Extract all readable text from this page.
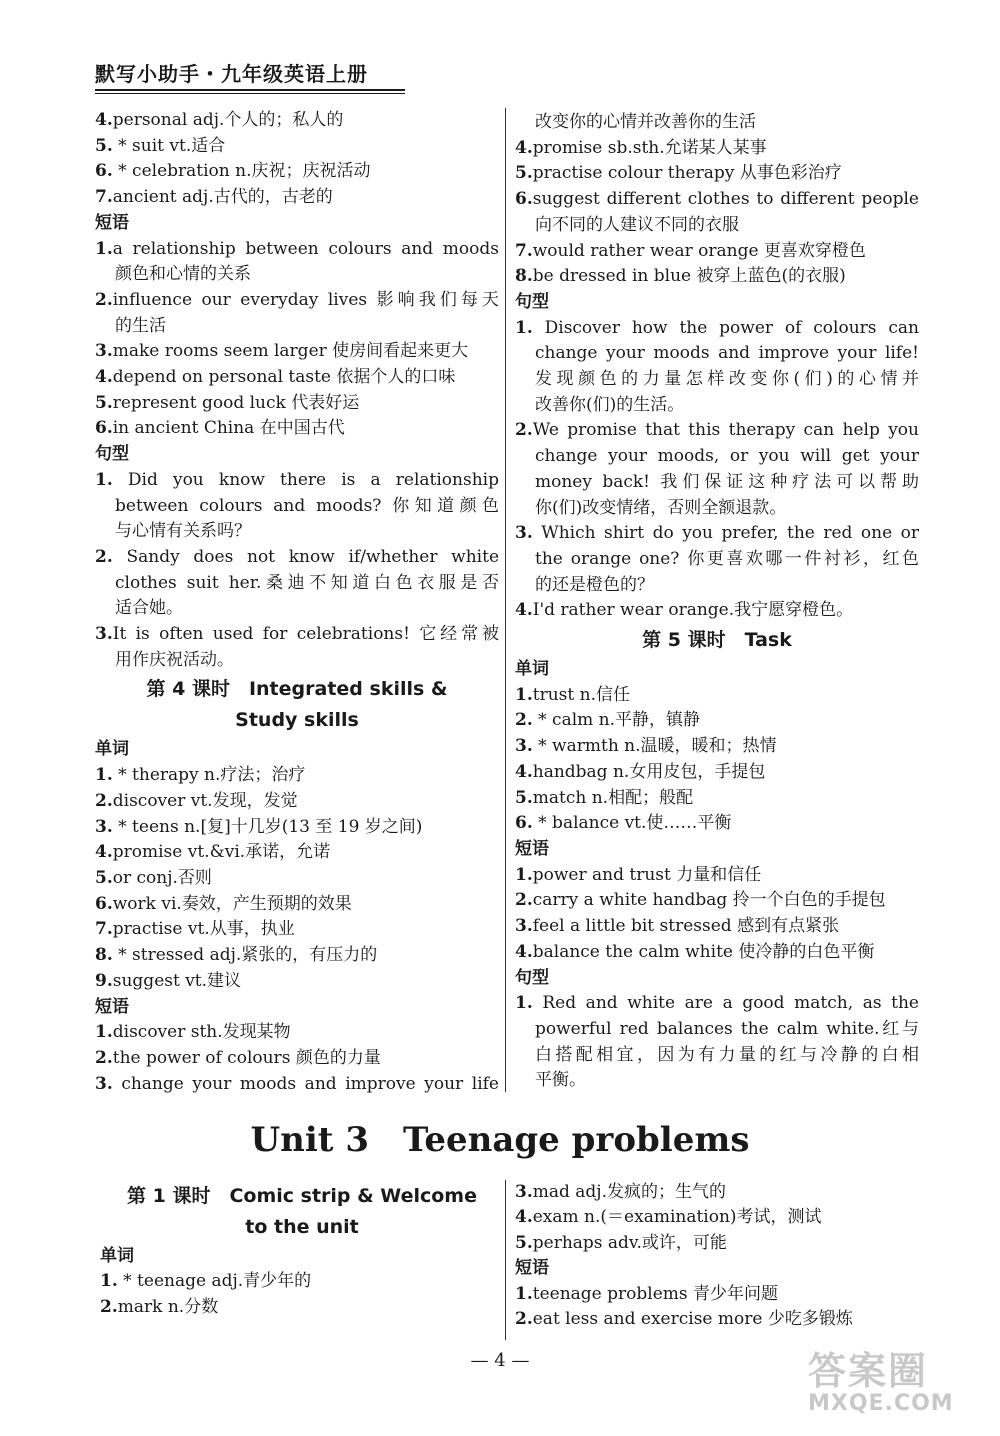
默写小助手・九年级英语上册
4.personal adj.个人的；私人的
5. * suit vt.适合
6. * celebration n.庆祝；庆祝活动
7.ancient adj.古代的，古老的
短语
1.a relationship between colours and moods
颜色和心情的关系
2.influence our everyday lives 影响我们每天
的生活
3.make rooms seem larger 使房间看起来更大
4.depend on personal taste 依据个人的口味
5.represent good luck 代表好运
6.in ancient China 在中国古代
句型
1. Did you know there is a relationship
between colours and moods? 你知道颜色
与心情有关系吗？
2. Sandy does not know if/whether white
clothes suit her.桑迪不知道白色衣服是否
适合她。
3.It is often used for celebrations! 它经常被
用作庆祝活动。
第 4 课时　Integrated skills &
Study skills
单词
1. * therapy n.疗法；治疗
2.discover vt.发现，发觉
3. * teens n.[复]十几岁(13 至 19 岁之间)
4.promise vt.&vi.承诺，允诺
5.or conj.否则
6.work vi.奏效，产生预期的效果
7.practise vt.从事，执业
8. * stressed adj.紧张的，有压力的
9.suggest vt.建议
短语
1.discover sth.发现某物
2.the power of colours 颜色的力量
3. change your moods and improve your life
改变你的心情并改善你的生活
4.promise sb.sth.允诺某人某事
5.practise colour therapy 从事色彩治疗
6.suggest different clothes to different people
向不同的人建议不同的衣服
7.would rather wear orange 更喜欢穿橙色
8.be dressed in blue 被穿上蓝色(的衣服)
句型
1. Discover how the power of colours can
change your moods and improve your life!
发现颜色的力量怎样改变你(们)的心情并
改善你(们)的生活。
2.We promise that this therapy can help you
change your moods, or you will get your
money back! 我们保证这种疗法可以帮助
你(们)改变情绪，否则全额退款。
3. Which shirt do you prefer, the red one or
the orange one? 你更喜欢哪一件衬衫，红色
的还是橙色的？
4.I'd rather wear orange.我宁愿穿橙色。
第 5 课时　Task
单词
1.trust n.信任
2. * calm n.平静，镇静
3. * warmth n.温暖，暖和；热情
4.handbag n.女用皮包，手提包
5.match n.相配；般配
6. * balance vt.使……平衡
短语
1.power and trust 力量和信任
2.carry a white handbag 拎一个白色的手提包
3.feel a little bit stressed 感到有点紧张
4.balance the calm white 使冷静的白色平衡
句型
1. Red and white are a good match, as the
powerful red balances the calm white.红与
白搭配相宜，因为有力量的红与冷静的白相
平衡。
Unit 3　Teenage problems
第 1 课时　Comic strip & Welcome
to the unit
单词
1. * teenage adj.青少年的
2.mark n.分数
3.mad adj.发疯的；生气的
4.exam n.(＝examination)考试，测试
5.perhaps adv.或许，可能
短语
1.teenage problems 青少年问题
2.eat less and exercise more 少吃多锻炼
— 4 —	答案圈
MXQE.COM
